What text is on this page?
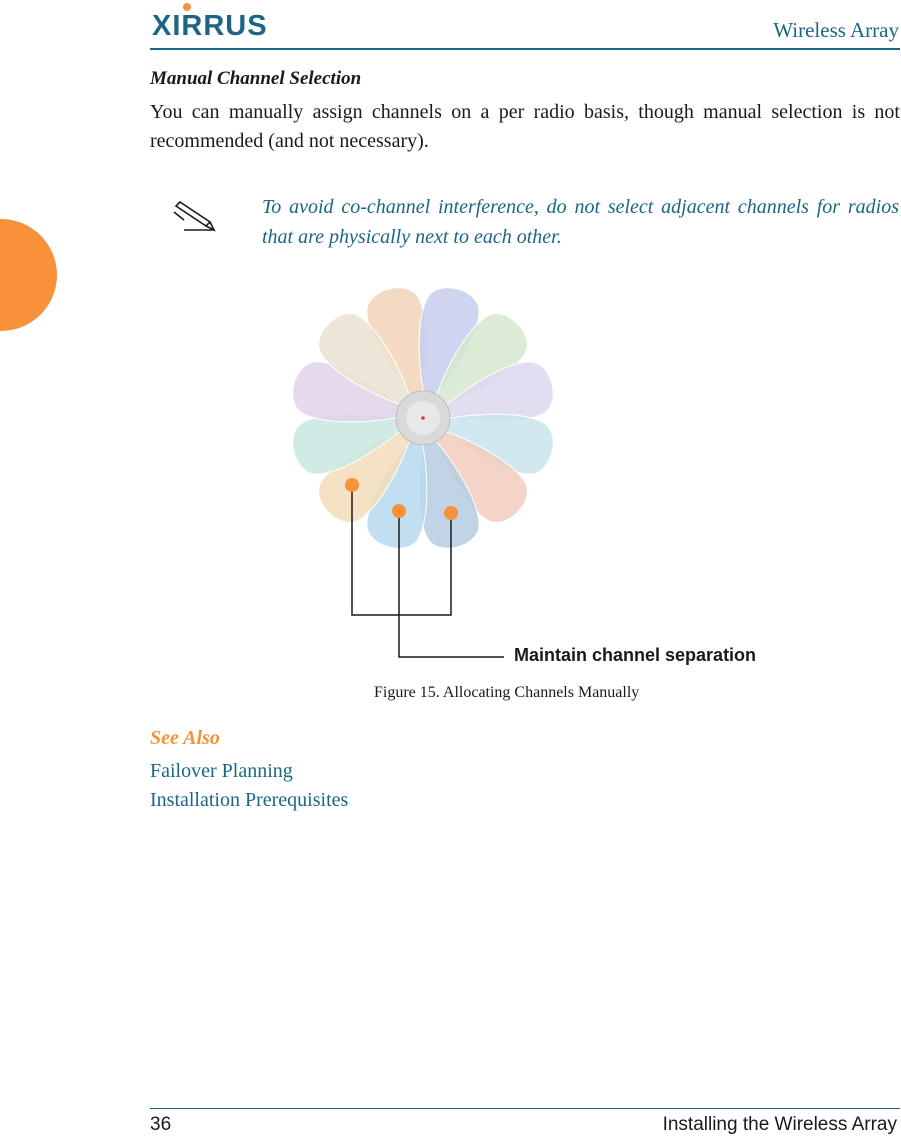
XIRRUS	Wireless Array
Manual Channel Selection

You can manually assign channels on a per radio basis, though manual selection is not recommended (and not necessary).

To avoid co-channel interference, do not select adjacent channels for radios that are physically next to each other.

Maintain channel separation
Figure 15. Allocating Channels Manually
See Also
Failover Planning
Installation Prerequisites
36	Installing the Wireless Array
